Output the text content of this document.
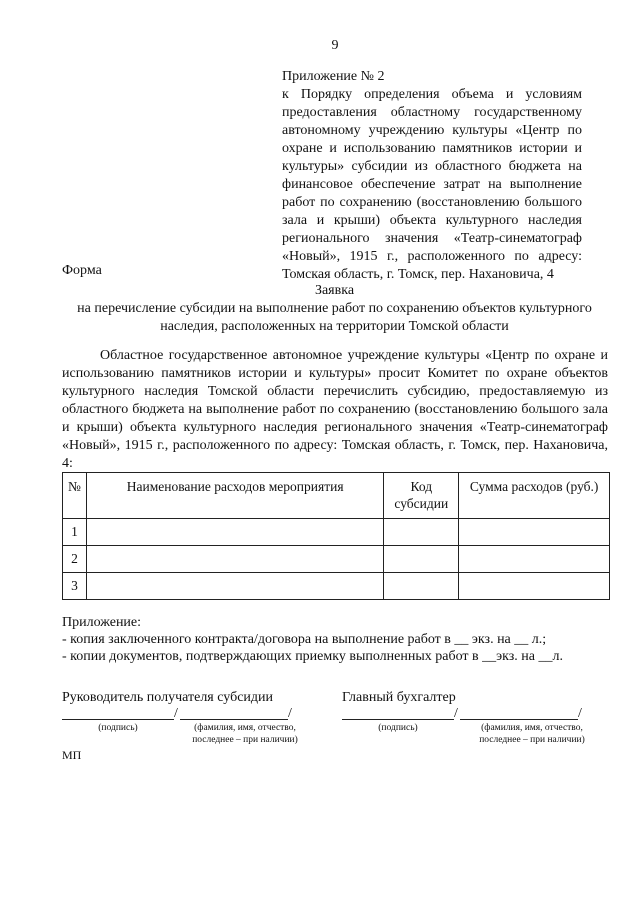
9
Приложение № 2
к Порядку определения объема и условиям предоставления областному государственному автономному учреждению культуры «Центр по охране и использованию памятников истории и культуры» субсидии из областного бюджета на финансовое обеспечение затрат на выполнение работ по сохранению (восстановлению большого зала и крыши) объекта культурного наследия регионального значения «Театр-синематограф «Новый», 1915 г., расположенного по адресу: Томская область, г. Томск, пер. Нахановича, 4
Форма
Заявка
на перечисление субсидии на выполнение работ по сохранению объектов культурного наследия, расположенных на территории Томской области

Областное государственное автономное учреждение культуры «Центр по охране и использованию памятников истории и культуры» просит Комитет по охране объектов культурного наследия Томской области перечислить субсидию, предоставляемую из областного бюджета на выполнение работ по сохранению (восстановлению большого зала и крыши) объекта культурного наследия регионального значения «Театр-синематограф «Новый», 1915 г., расположенного по адресу: Томская область, г. Томск, пер. Нахановича, 4:

№	Наименование расходов мероприятия	Код субсидии	Сумма расходов (руб.)
1			
2			
3			
Приложение:
- копия заключенного контракта/договора на выполнение работ в __ экз. на __ л.;
- копии документов, подтверждающих приемку выполненных работ в __экз. на __л.
Руководитель получателя субсидии
/	/
(подпись)	(фамилия, имя, отчество,
последнее – при наличии)
Главный бухгалтер
/	/
(подпись)	(фамилия, имя, отчество,
последнее – при наличии)
МП
